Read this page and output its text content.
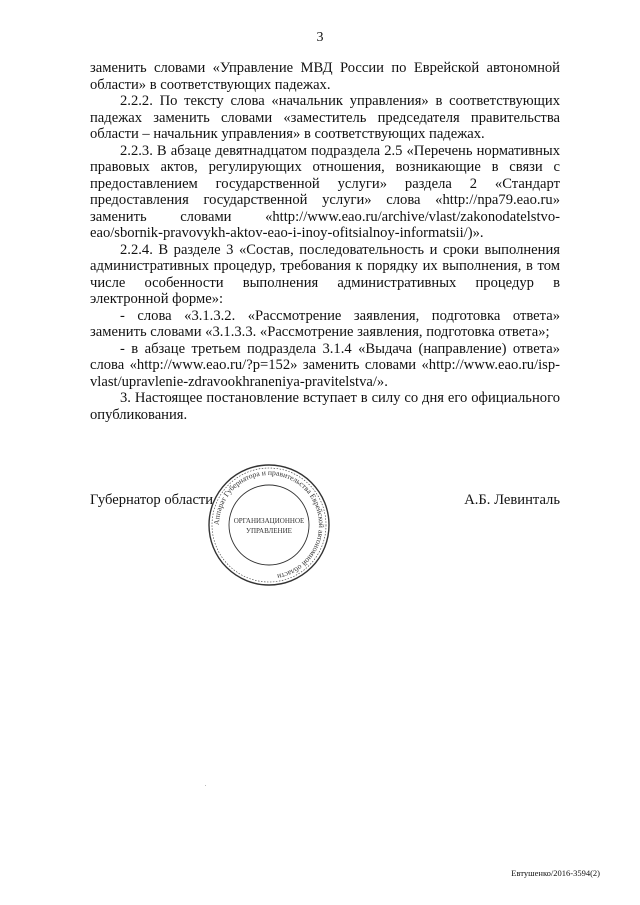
3

заменить словами «Управление МВД России по Еврейской автономной области» в соответствующих падежах.

2.2.2. По тексту слова «начальник управления» в соответствующих падежах заменить словами «заместитель председателя правительства области – начальник управления» в соответствующих падежах.

2.2.3. В абзаце девятнадцатом подраздела 2.5 «Перечень нормативных правовых актов, регулирующих отношения, возникающие в связи с предоставлением государственной услуги» раздела 2 «Стандарт предоставления государственной услуги» слова «http://npa79.eao.ru» заменить словами «http://www.eao.ru/archive/vlast/zakonodatelstvo-eao/sbornik-pravovykh-aktov-eao-i-inoy-ofitsialnoy-informatsii/)».

2.2.4. В разделе 3 «Состав, последовательность и сроки выполнения административных процедур, требования к порядку их выполнения, в том числе особенности выполнения административных процедур в электронной форме»:

- слова «3.1.3.2. «Рассмотрение заявления, подготовка ответа» заменить словами «3.1.3.3. «Рассмотрение заявления, подготовка ответа»;

- в абзаце третьем подраздела 3.1.4 «Выдача (направление) ответа» слова «http://www.eao.ru/?p=152» заменить словами «http://www.eao.ru/isp-vlast/upravlenie-zdravookhraneniya-pravitelstva/».

3. Настоящее постановление вступает в силу со дня его официального опубликования.

Губернатор области	А.Б. Левинталь
Аппарат Губернатора и правительства Еврейской автономной области
ОРГАНИЗАЦИОННОЕ
УПРАВЛЕНИЕ
Евтушенко/2016-3594(2)
